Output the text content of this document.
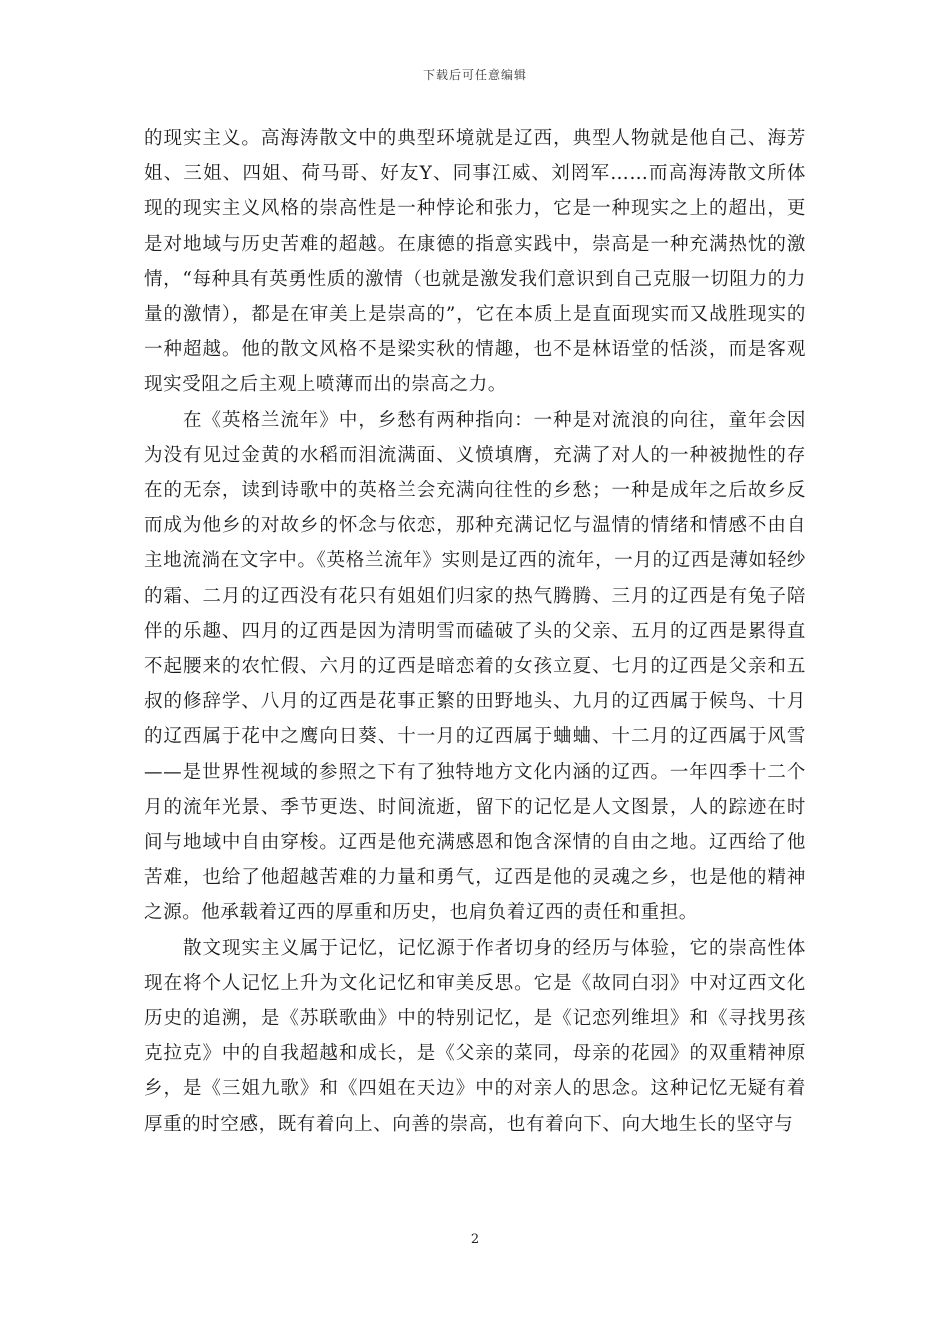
下载后可任意编辑

的现实主义。高海涛散文中的典型环境就是辽西，典型人物就是他自己、海芳姐、三姐、四姐、荷马哥、好友Y、同事江威、刘罔军……而高海涛散文所体现的现实主义风格的崇高性是一种悖论和张力，它是一种现实之上的超出，更是对地域与历史苦难的超越。在康德的指意实践中，崇高是一种充满热忱的激情，“每种具有英勇性质的激情（也就是激发我们意识到自己克服一切阻力的力量的激情），都是在审美上是崇高的”，它在本质上是直面现实而又战胜现实的一种超越。他的散文风格不是梁实秋的情趣，也不是林语堂的恬淡，而是客观现实受阻之后主观上喷薄而出的崇高之力。

在《英格兰流年》中，乡愁有两种指向：一种是对流浪的向往，童年会因为没有见过金黄的水稻而泪流满面、义愤填膺，充满了对人的一种被抛性的存在的无奈，读到诗歌中的英格兰会充满向往性的乡愁；一种是成年之后故乡反而成为他乡的对故乡的怀念与依恋，那种充满记忆与温情的情绪和情感不由自主地流淌在文字中。《英格兰流年》实则是辽西的流年，一月的辽西是薄如轻纱的霜、二月的辽西没有花只有姐姐们归家的热气腾腾、三月的辽西是有兔子陪伴的乐趣、四月的辽西是因为清明雪而磕破了头的父亲、五月的辽西是累得直不起腰来的农忙假、六月的辽西是暗恋着的女孩立夏、七月的辽西是父亲和五叔的修辞学、八月的辽西是花事正繁的田野地头、九月的辽西属于候鸟、十月的辽西属于花中之鹰向日葵、十一月的辽西属于蛐蛐、十二月的辽西属于风雪——是世界性视域的参照之下有了独特地方文化内涵的辽西。一年四季十二个月的流年光景、季节更迭、时间流逝，留下的记忆是人文图景，人的踪迹在时间与地域中自由穿梭。辽西是他充满感恩和饱含深情的自由之地。辽西给了他苦难，也给了他超越苦难的力量和勇气，辽西是他的灵魂之乡，也是他的精神之源。他承载着辽西的厚重和历史，也肩负着辽西的责任和重担。

散文现实主义属于记忆，记忆源于作者切身的经历与体验，它的崇高性体现在将个人记忆上升为文化记忆和审美反思。它是《故同白羽》中对辽西文化历史的追溯，是《苏联歌曲》中的特别记忆，是《记恋列维坦》和《寻找男孩克拉克》中的自我超越和成长，是《父亲的菜同，母亲的花园》的双重精神原乡，是《三姐九歌》和《四姐在天边》中的对亲人的思念。这种记忆无疑有着厚重的时空感，既有着向上、向善的崇高，也有着向下、向大地生长的坚守与

2
